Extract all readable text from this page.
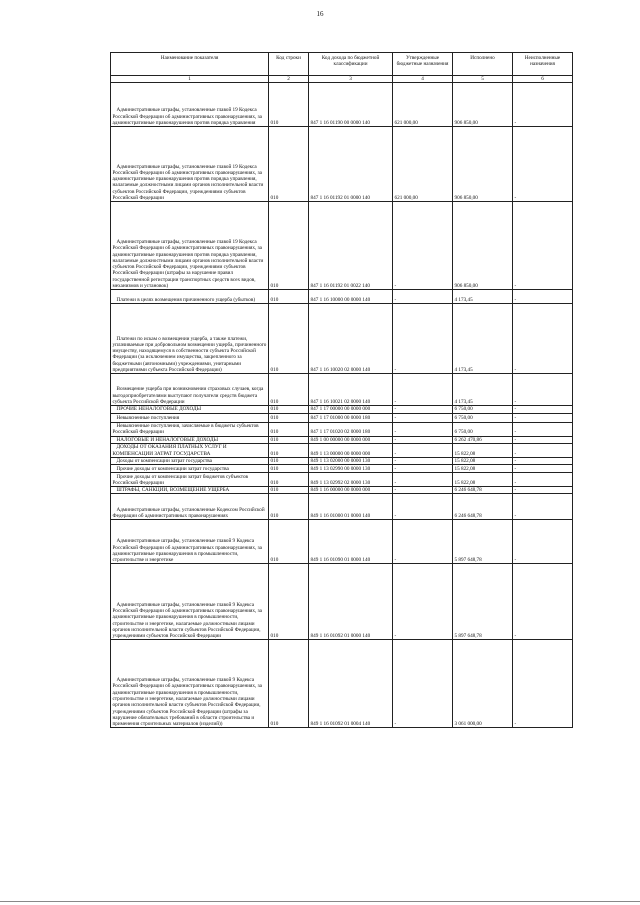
16
Наименование показателя	Код строки	Код дохода по бюджетной классификации	Утвержденные бюджетные назначения	Исполнено	Неисполненные назначения
1	2	3	4	5	6
Административные штрафы, установленные главой 19 Кодекса Российской Федерации об административных правонарушениях, за административные правонарушения против порядка управления	010	847 1 16 01190 00 0000 140	621 000,00	906 850,00	-
Административные штрафы, установленные главой 19 Кодекса Российской Федерации об административных правонарушениях, за административные правонарушения против порядка управления, налагаемые должностными лицами органов исполнительной власти субъектов Российской Федерации, учреждениями субъектов Российской Федерации	010	847 1 16 01192 01 0000 140	621 000,00	906 850,00	-
Административные штрафы, установленные главой 19 Кодекса Российской Федерации об административных правонарушениях, за административные правонарушения против порядка управления, налагаемые должностными лицами органов исполнительной власти субъектов Российской Федерации, учреждениями субъектов Российской Федерации (штрафы за нарушение правил государственной регистрации транспортных средств всех видов, механизмов и установок)	010	847 1 16 01192 01 0022 140	-	906 850,00	-
Платежи в целях возмещения причиненного ущерба (убытков)	010	847 1 16 10000 00 0000 140	-	4 173,45	-
Платежи по искам о возмещении ущерба, а также платежи, уплачиваемые при добровольном возмещении ущерба, причиненного имуществу, находящемуся в собственности субъекта Российской Федерации (за исключением имущества, закрепленного за бюджетными (автономными) учреждениями, унитарными предприятиями субъекта Российской Федерации)	010	847 1 16 10020 02 0000 140	-	4 173,45	-
Возмещение ущерба при возникновении страховых случаев, когда выгодоприобретателями выступают получатели средств бюджета субъекта Российской Федерации	010	847 1 16 10021 02 0000 140	-	4 173,45	-
ПРОЧИЕ НЕНАЛОГОВЫЕ ДОХОДЫ	010	847 1 17 00000 00 0000 000	-	6 750,00	-
Невыясненные поступления	010	847 1 17 01000 00 0000 180	-	6 750,00	-
Невыясненные поступления, зачисляемые в бюджеты субъектов Российской Федерации	010	847 1 17 01020 02 0000 180	-	6 750,00	-
НАЛОГОВЫЕ И НЕНАЛОГОВЫЕ ДОХОДЫ	010	849 1 00 00000 00 0000 000	-	6 262 470,86	-
ДОХОДЫ ОТ ОКАЗАНИЯ ПЛАТНЫХ УСЛУГ И КОМПЕНСАЦИИ ЗАТРАТ ГОСУДАРСТВА	010	849 1 13 00000 00 0000 000	-	15 822,08	-
Доходы от компенсации затрат государства	010	849 1 13 02000 00 0000 130	-	15 822,08	-
Прочие доходы от компенсации затрат государства	010	849 1 13 02990 00 0000 130	-	15 822,08	-
Прочие доходы от компенсации затрат бюджетов субъектов Российской Федерации	010	849 1 13 02992 02 0000 130	-	15 822,08	-
ШТРАФЫ, САНКЦИИ, ВОЗМЕЩЕНИЕ УЩЕРБА	010	849 1 16 00000 00 0000 000	-	6 246 648,78	-
Административные штрафы, установленные Кодексом Российской Федерации об административных правонарушениях	010	849 1 16 01000 01 0000 140	-	6 246 648,78	-
Административные штрафы, установленные главой 9 Кодекса Российской Федерации об административных правонарушениях, за административные правонарушения в промышленности, строительстве и энергетике	010	849 1 16 01090 01 0000 140	-	5 897 648,78	-
Административные штрафы, установленные главой 9 Кодекса Российской Федерации об административных правонарушениях, за административные правонарушения в промышленности, строительстве и энергетике, налагаемые должностными лицами органов исполнительной власти субъектов Российской Федерации, учреждениями субъектов Российской Федерации	010	849 1 16 01092 01 0000 140	-	5 897 648,78	-
Административные штрафы, установленные главой 9 Кодекса Российской Федерации об административных правонарушениях, за административные правонарушения в промышленности, строительстве и энергетике, налагаемые должностными лицами органов исполнительной власти субъектов Российской Федерации, учреждениями субъектов Российской Федерации (штрафы за нарушение обязательных требований в области строительства и применения строительных материалов (изделий))	010	849 1 16 01092 01 0004 140	-	3 061 000,00	-
